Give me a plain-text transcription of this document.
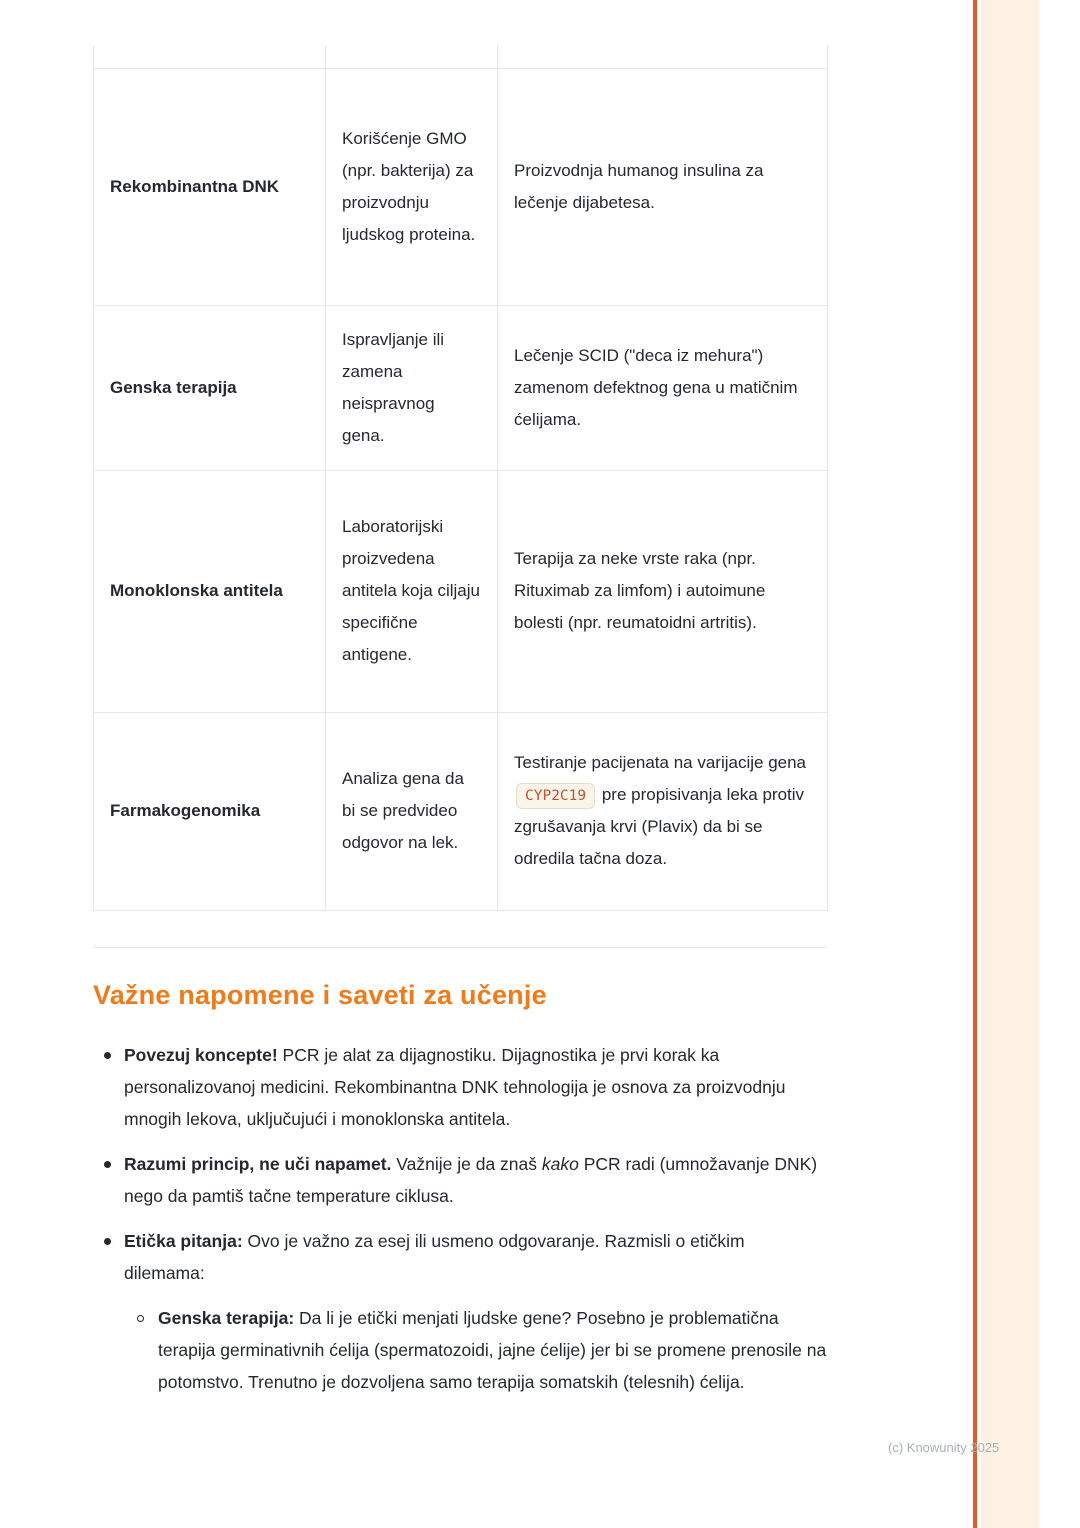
Rekombinantna DNK	Korišćenje GMO (npr. bakterija) za proizvodnju ljudskog proteina.	Proizvodnja humanog insulina za lečenje dijabetesa.
Genska terapija	Ispravljanje ili zamena neispravnog gena.	Lečenje SCID ("deca iz mehura") zamenom defektnog gena u matičnim ćelijama.
Monoklonska antitela	Laboratorijski proizvedena antitela koja ciljaju specifične antigene.	Terapija za neke vrste raka (npr. Rituximab za limfom) i autoimune bolesti (npr. reumatoidni artritis).
Farmakogenomika	Analiza gena da bi se predvideo odgovor na lek.	Testiranje pacijenata na varijacije gena CYP2C19 pre propisivanja leka protiv zgrušavanja krvi (Plavix) da bi se odredila tačna doza.
Važne napomene i saveti za učenje
Povezuj koncepte! PCR je alat za dijagnostiku. Dijagnostika je prvi korak ka personalizovanoj medicini. Rekombinantna DNK tehnologija je osnova za proizvodnju mnogih lekova, uključujući i monoklonska antitela.
Razumi princip, ne uči napamet. Važnije je da znaš kako PCR radi (umnožavanje DNK) nego da pamtiš tačne temperature ciklusa.
Etička pitanja: Ovo je važno za esej ili usmeno odgovaranje. Razmisli o etičkim dilemama:
Genska terapija: Da li je etički menjati ljudske gene? Posebno je problematična terapija germinativnih ćelija (spermatozoidi, jajne ćelije) jer bi se promene prenosile na potomstvo. Trenutno je dozvoljena samo terapija somatskih (telesnih) ćelija.
(c) Knowunity 2025
